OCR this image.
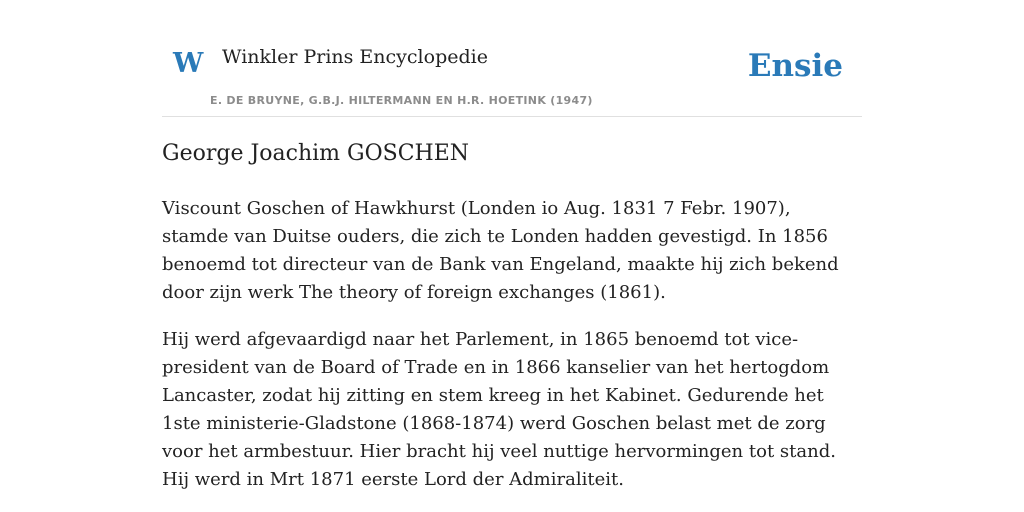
W Winkler Prins Encyclopedie
E. DE BRUYNE, G.B.J. HILTERMANN EN H.R. HOETINK (1947)
Ensie
George Joachim GOSCHEN

Viscount Goschen of Hawkhurst (Londen io Aug. 1831 7 Febr. 1907), stamde van Duitse ouders, die zich te Londen hadden gevestigd. In 1856 benoemd tot directeur van de Bank van Engeland, maakte hij zich bekend door zijn werk The theory of foreign exchanges (1861).

Hij werd afgevaardigd naar het Parlement, in 1865 benoemd tot vice-president van de Board of Trade en in 1866 kanselier van het hertogdom Lancaster, zodat hij zitting en stem kreeg in het Kabinet. Gedurende het 1ste ministerie-Gladstone (1868-1874) werd Goschen belast met de zorg voor het armbestuur. Hier bracht hij veel nuttige hervormingen tot stand. Hij werd in Mrt 1871 eerste Lord der Admiraliteit.
